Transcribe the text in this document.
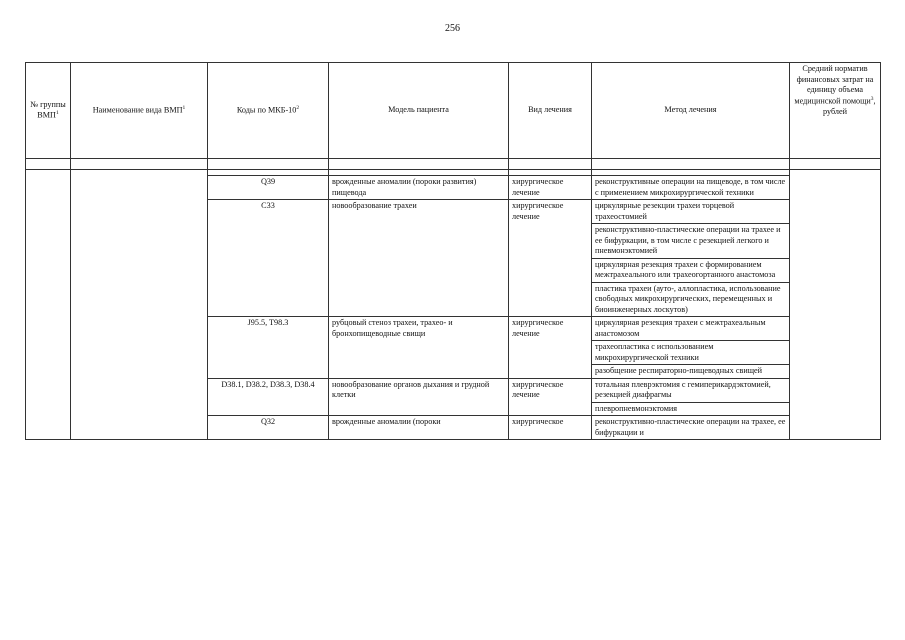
256
№ группы ВМП$^1$	Наименование вида ВМП$^1$	Коды по МКБ-$10^2$	Модель пациента	Вид лечения	Метод лечения	Средний норматив финансовых затрат на единицу объема медицинской помощи$^3$, рублей

		Q39	врожденные аномалии (пороки развития) пищевода	хирургическое лечение	реконструктивные операции на пищеводе, в том числе с применением микрохирургической техники	
		C33	новообразование трахеи	хирургическое лечение	циркулярные резекции трахеи торцевой трахеостомией	
					реконструктивно-пластические операции на трахее и ее бифуркации, в том числе с резекцией легкого и пневмонэктомией	
					циркулярная резекция трахеи с формированием межтрахеального или трахеогортанного анастомоза	
					пластика трахеи (ауто-, аллопластика, использование свободных микрохирургических, перемещенных и биоинженерных лоскутов)	
		J95.5, T98.3	рубцовый стеноз трахеи, трахео- и бронхопищеводные свищи	хирургическое лечение	циркулярная резекция трахеи с межтрахеальным анастомозом	
					трахеопластика с использованием микрохирургической техники	
					разобщение респираторно-пищеводных свищей	
		D38.1, D38.2, D38.3, D38.4	новообразование органов дыхания и грудной клетки	хирургическое лечение	тотальная плеврэктомия с гемиперикардэктомией, резекцией диафрагмы	
					плевропневмонэктомия	
		Q32	врожденные аномалии (пороки	хирургическое	реконструктивно-пластические операции на трахее, ее бифуркации и	
